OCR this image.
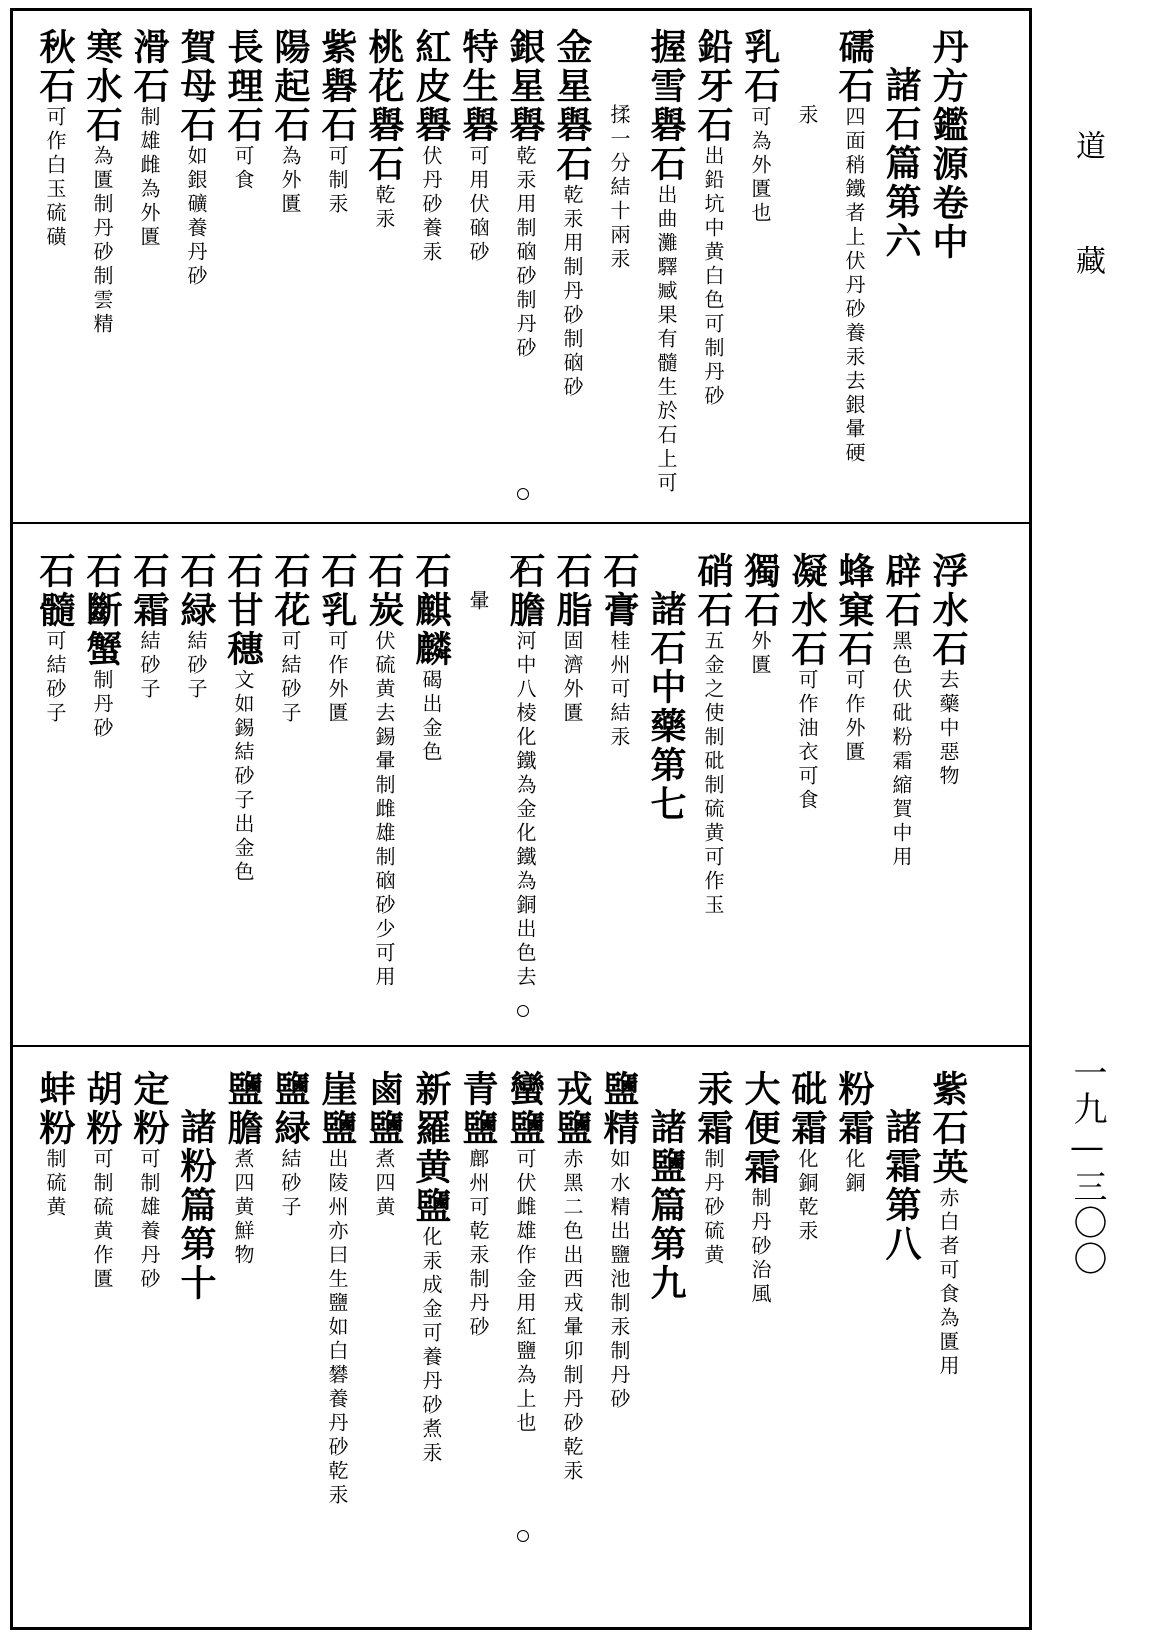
丹方鑑源卷中
諸石篇第六
礝石四面稍鐵者上伏丹砂養汞去銀暈硬
汞
乳石可為外匱也
鉛牙石出鉛坑中黄白色可制丹砂
握雪礜石出曲灘驛臧果有髓生於石上可
揉一分結十兩汞
金星礜石乾汞用制丹砂制硇砂
銀星礜乾汞用制硇砂制丹砂
特生礜可用伏硇砂
紅皮礜伏丹砂養汞
桃花礜石乾汞
紫礜石可制汞
陽起石為外匱
長理石可食
賀母石如銀礦養丹砂
滑石制雄雌為外匱
寒水石為匱制丹砂制雲精
秋石可作白玉硫磺
浮水石去藥中惡物
辟石黑色伏砒粉霜縮賀中用
蜂窠石可作外匱
凝水石可作油衣可食
獨石外匱
硝石五金之使制砒制硫黄可作玉
諸石中藥第七
石膏桂州可結汞
石脂固濟外匱
石膽河中八棱化鐵為金化鐵為銅出色去
暈
石麒麟碣出金色
石炭伏硫黄去錫暈制雌雄制硇砂少可用
石乳可作外匱
石花可結砂子
石甘穗文如錫結砂子出金色
石緑結砂子
石霜結砂子
石斷蟹制丹砂
石髓可結砂子
紫石英赤白者可食為匱用
諸霜第八
粉霜化銅
砒霜化銅乾汞
大便霜制丹砂治風
汞霜制丹砂硫黄
諸鹽篇第九
鹽精如水精出鹽池制汞制丹砂
戎鹽赤黑二色出西戎暈卯制丹砂乾汞
蠻鹽可伏雌雄作金用紅鹽為上也
青鹽鄜州可乾汞制丹砂
新羅黄鹽化汞成金可養丹砂煮汞
鹵鹽煮四黄
崖鹽出陵州亦曰生鹽如白礬養丹砂乾汞
鹽緑結砂子
鹽膽煮四黄鮮物
諸粉篇第十
定粉可制雄養丹砂
胡粉可制硫黄作匱
蚌粉制硫黄
道
藏
一九—三〇〇
